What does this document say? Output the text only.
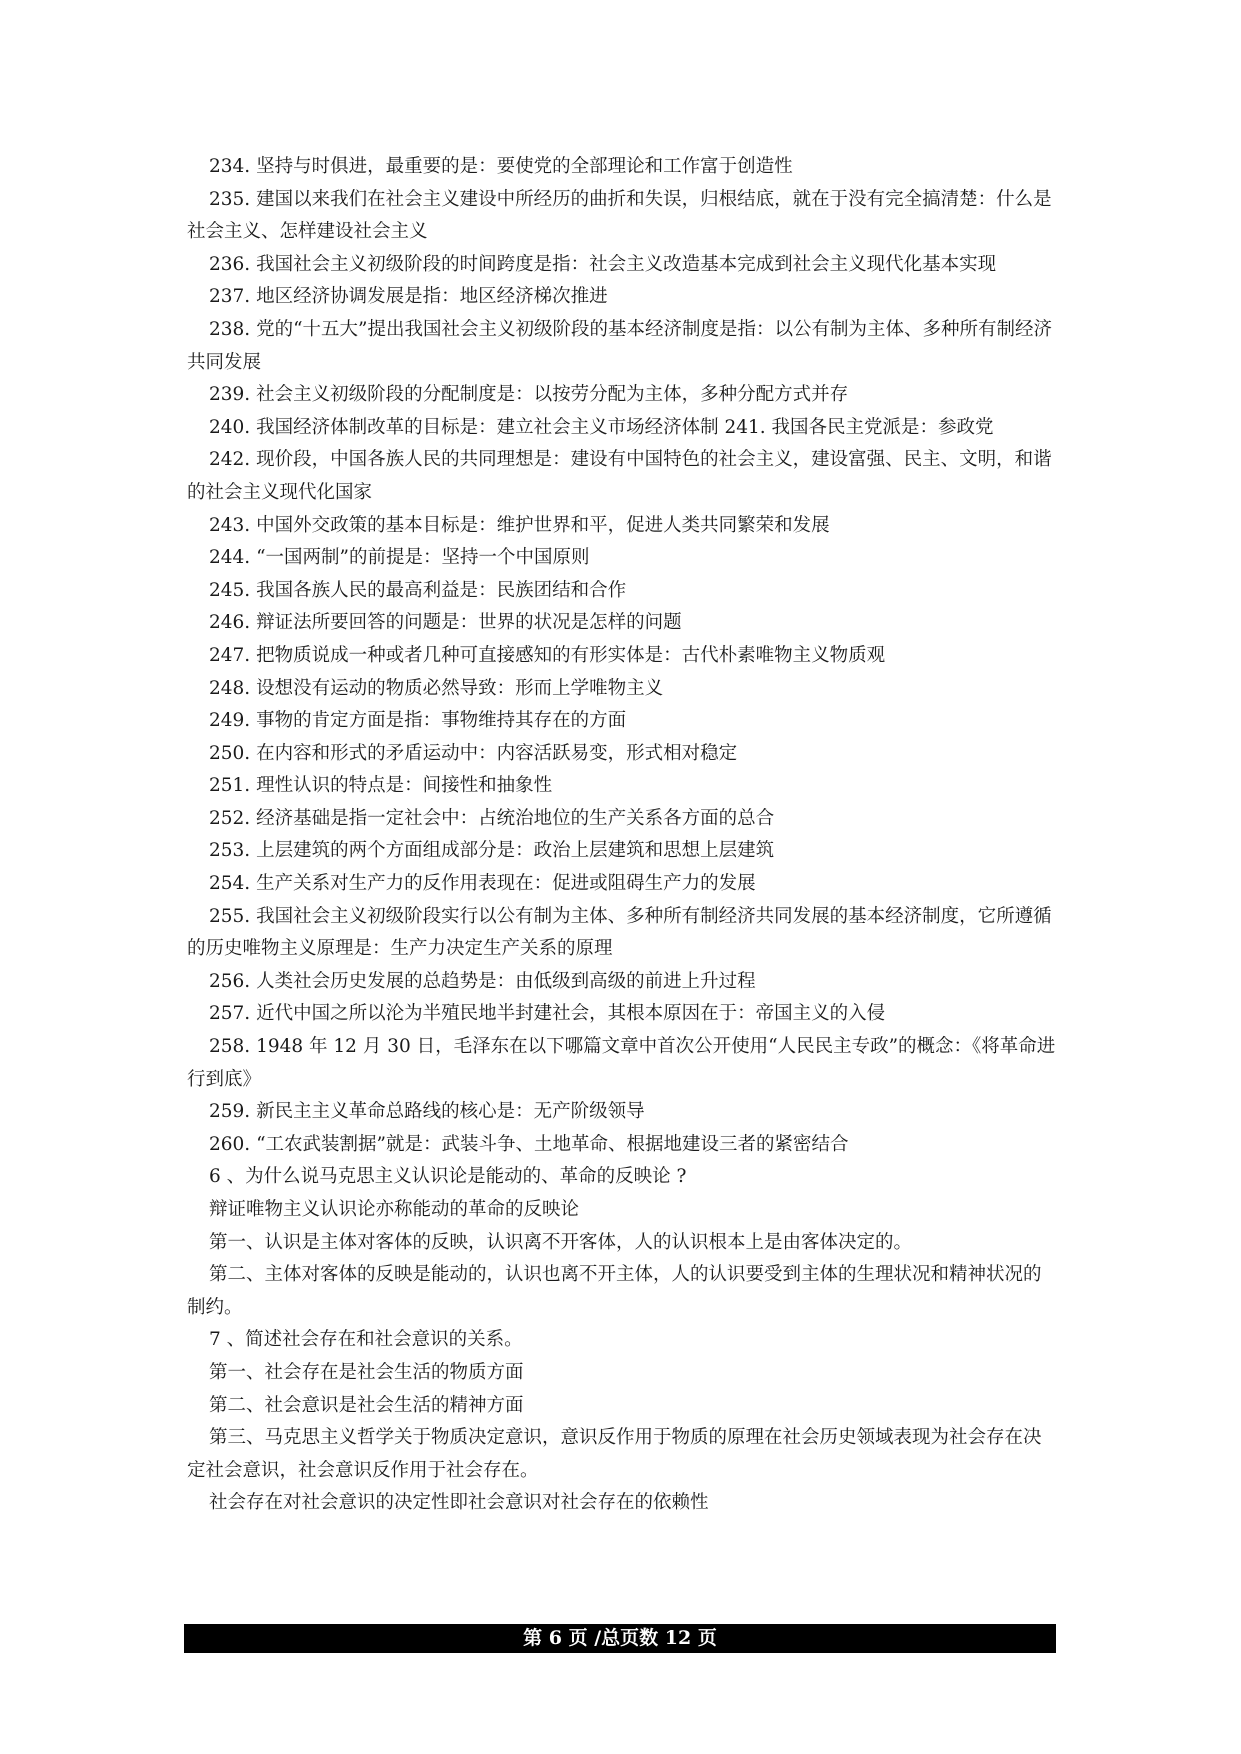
234. 坚持与时俱进，最重要的是：要使党的全部理论和工作富于创造性

235. 建国以来我们在社会主义建设中所经历的曲折和失误，归根结底，就在于没有完全搞清楚：什么是社会主义、怎样建设社会主义

236. 我国社会主义初级阶段的时间跨度是指：社会主义改造基本完成到社会主义现代化基本实现

237. 地区经济协调发展是指：地区经济梯次推进

238. 党的“十五大”提出我国社会主义初级阶段的基本经济制度是指：以公有制为主体、多种所有制经济共同发展

239. 社会主义初级阶段的分配制度是：以按劳分配为主体，多种分配方式并存

240. 我国经济体制改革的目标是：建立社会主义市场经济体制 241. 我国各民主党派是：参政党

242. 现价段，中国各族人民的共同理想是：建设有中国特色的社会主义，建设富强、民主、文明，和谐的社会主义现代化国家

243. 中国外交政策的基本目标是：维护世界和平，促进人类共同繁荣和发展

244. “一国两制”的前提是：坚持一个中国原则

245. 我国各族人民的最高利益是：民族团结和合作

246. 辩证法所要回答的问题是：世界的状况是怎样的问题

247. 把物质说成一种或者几种可直接感知的有形实体是：古代朴素唯物主义物质观

248. 设想没有运动的物质必然导致：形而上学唯物主义

249. 事物的肯定方面是指：事物维持其存在的方面

250. 在内容和形式的矛盾运动中：内容活跃易变，形式相对稳定

251. 理性认识的特点是：间接性和抽象性

252. 经济基础是指一定社会中：占统治地位的生产关系各方面的总合

253. 上层建筑的两个方面组成部分是：政治上层建筑和思想上层建筑

254. 生产关系对生产力的反作用表现在：促进或阻碍生产力的发展

255. 我国社会主义初级阶段实行以公有制为主体、多种所有制经济共同发展的基本经济制度，它所遵循的历史唯物主义原理是：生产力决定生产关系的原理

256. 人类社会历史发展的总趋势是：由低级到高级的前进上升过程

257. 近代中国之所以沦为半殖民地半封建社会，其根本原因在于：帝国主义的入侵

258. 1948 年 12 月 30 日，毛泽东在以下哪篇文章中首次公开使用“人民民主专政”的概念：《将革命进行到底》

259. 新民主主义革命总路线的核心是：无产阶级领导

260. “工农武装割据”就是：武装斗争、土地革命、根据地建设三者的紧密结合

6 、为什么说马克思主义认识论是能动的、革命的反映论 ?

辩证唯物主义认识论亦称能动的革命的反映论

第一、认识是主体对客体的反映，认识离不开客体，人的认识根本上是由客体决定的。

第二、主体对客体的反映是能动的，认识也离不开主体，人的认识要受到主体的生理状况和精神状况的制约。

7 、简述社会存在和社会意识的关系。

第一、社会存在是社会生活的物质方面

第二、社会意识是社会生活的精神方面

第三、马克思主义哲学关于物质决定意识，意识反作用于物质的原理在社会历史领域表现为社会存在决定社会意识，社会意识反作用于社会存在。

社会存在对社会意识的决定性即社会意识对社会存在的依赖性

第 6 页 /总页数 12 页
